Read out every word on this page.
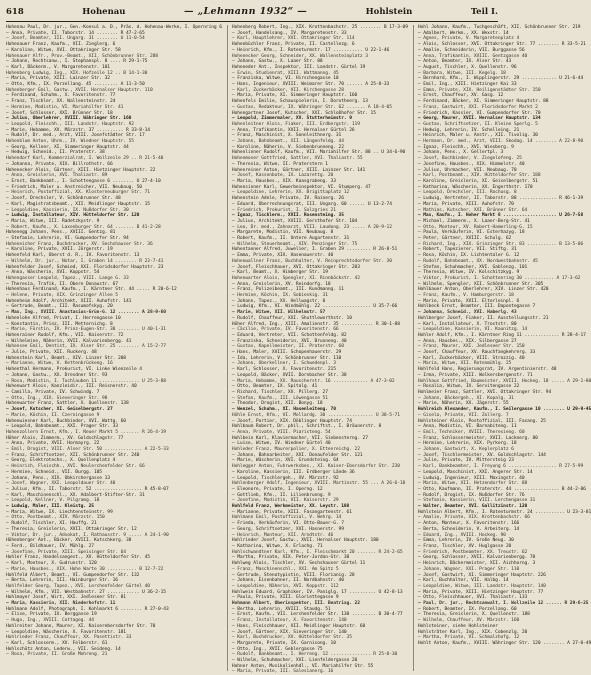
618	Hohenau	— „Lehmann 1932“ —	Hohlstein	Teil I.
Hohenau Paul, Dr. jur., Gen.-Konsul a. D., Präs. d. Hohenau-Werke, I. Opernring 6
— Anna, Private, II. Taborstr. 14 ........ R 47-2-65
— Josef, Beamter, III. Ungarg. 31 ........ U 11-0-54
Hohenauer Franz, Kaufm., VII. Zieglerg. 6
— Karoline, Witwe, XVI. Ottakringer Str. 58
Hohenauer Alfr., Prov.-Beamt., XII. Schönbrunner Str. 288
— Johann, Rechtsanw., I. Stephanspl. 8 .... R 29-1-75
— Karl, Bäckerm., V. Margaretenstr. 101
Hohenberg Ludwig, Ing., XIX. Hofzeile 12 .. B 14-1-30
— Maria, Private, XIII. Lainzer Str. 32
— Otto, Kfm., IX. Porzellang. 45 ......... A 11-3-50
Hohenberger Emil, Gastw., XVII. Hernalser Hauptstr. 110
— Ferdinand, Schuhm., X. Favoritenstr. 77
— Franz, Tischler, XX. Wallensteinstr. 24
— Hermine, Modistin, VI. Mariahilfer Str. 41
— Josef, Schlosser, XXI. Brünner Str. 18
— Julius, Oberlehrer, XVIII. Währinger Str. 160
— Leopold, Fleischh., III. Landstr. Hauptstr. 92
— Marie, Hebamme, XV. Märzstr. 37 .......... R 33-8-14
— Rudolf, Dr. med., Arzt, VIII. Josefstädter Str. 17
Hohenblum Anton, Uhrm., IV. Wiedner Hauptstr. 55
— Georg, Kellner, XI. Simmeringer Hauptstr. 44
— Hedwig, Schneid., II. Praterstr. 38
Hohendorf Karl, Kommerzialrat, I. Wollzeile 29 .. R 21-5-40
— Johanna, Private, XIX. Billrothstr. 66
Hohenecker Alois, Gärtner, XIII. Hietzinger Hauptstr. 22
— Anna, Greislerin, XVI. Thaliastr. 89
— Ernst, Bankbeamt., I. Schottengasse 6 ........ U 27-4-10
— Friedrich, Maler u. Anstreicher, VII. Neubaug. 50
— Heinrich, Postoffizial, XX. Klosterneuburger Str. 71
— Josef, Drechsler, V. Schönbrunner Str. 48
— Karl, Magistratsbeamt., XII. Meidlinger Hauptstr. 15
— Leopoldine, Kassierin, IX. Nußdorfer Str. 30
— Ludwig, Installateur, XIV. Hütteldorfer Str. 120
— Maria, Witwe, III. Radetzkystr. 9
— Robert, Kaufm., X. Laxenburger Str. 64 ....... B 41-2-28
Hohenegg Johann, Pens., XVIII. Gentzg. 81
— Stefanie, Lehrerin, VI. Gumpendorfer Str. 94
Hoheneicher Franz, Buchdrucker, XV. Sechshauser Str. 36
— Karoline, Private, XVII. Jörgerstr. 19
Hohenfeld Karl, Oberst d. R., IV. Favoritenstr. 13
— Wilhelm, Dr. jur., Notar, I. Graben 14 ........ R 22-7-41
Hohenfelder Josef, Schmied, XXI. Floridsdorfer Hauptstr. 23
— Anna, Wäscherin, XVI. Koppstr. 54
Hohengasser Leopold, Tapez., VIII. Lange G. 33
— Theresia, Trafik, II. Obere Donaustr. 67
Hohenhaus Ferdinand, Kaufm., I. Kärntner Str. 44 ..... R 20-6-12
— Helene, Private, XIX. Grinzinger Allee 5
Hohenheim Adolf, Architekt, XIII. Auhofstr. 141
— Gertrude, Beamt., III. Rasumofskyg. 20
— Max, Ing., XVIII. Anastasius-Grün-G. 12 ........ A 28-9-60
Hohenlohe Alfred, Privat, I. Herrengasse 10
— Konstantin, Prinz, III. Metternichg. 8
— Marie, Fürstin, IV. Prinz-Eugen-Str. 30 ........ U 40-1-31
Hohenrainer Rudolf, Kfm., VII. Kaiserstr. 72
— Wilhelmine, Näherin, XVII. Kalvarienbergg. 41
Hohensee Emil, Dentist, IX. Alser Str. 25 ........ A 15-2-77
— Julie, Private, XII. Ruckerg. 48
Hohenstein Karl, Beamt., XIV. Linzer Str. 208
— Marianne, Witwe, V. Kettenbrückeng. 16
Hohenthal Hermann, Prokurist, VI. Linke Wienzeile 4
— Johann, Gastw., XX. Dresdner Str. 93
— Rosa, Modistin, I. Tuchlauben 11 ............... U 25-3-88
Hohenwart Alois, Kanzleidir., III. Reisnerstr. 40
— Camilla, Private, IV. Schwindg. 7
— Otto, Ing., XIX. Sieveringer Str. 98
Hohenwarter Franz, Sattler, X. Quellenstr. 138
— Josef, Kutscher, XI. Geiselbergstr. 27
— Marie, Köchin, II. Czerningasse 9
Hohenwiesner Karl, Buchbinder, XVI. Wattg. 60
— Leopold, Bahnbeamt., XXI. Prager Str. 33
Hohenzollern Ernst, Kfm., I. Neuer Markt 5 ....... R 26-4-19
Höher Alois, Zimmerm., XV. Goldschlagstr. 77
— Anna, Private, XVII. Hormayrg. 22
— Emil, Drogist, VIII. Alser Str. 50 .............. A 22-5-33
— Franz, Schriftsetzer, XII. Schönbrunner Str. 240
— Georg, Elektrotechn., X. Quellenplatz 4
— Heinrich, Fleischh., XVI. Neulerchenfelder Str. 66
— Hermine, Schneid., VII. Burgg. 105
— Johann, Pens., XIX. Obkirchergasse 13
— Josef, Wagner, XXI. Leopoldauer Str. 40
— Julius, Kfm., II. Taborstr. 52 .................. R 45-8-07
— Karl, Maschinenschl., XX. Adalbert-Stifter-Str. 31
— Leopold, Kellner, V. Pilgramg. 18
— Ludwig, Maler, III. Kleistg. 25
— Maria, Witwe, IX. Liechtensteinstr. 99
— Otto, Postbeamt., XIV. Märzstr. 150
— Rudolf, Tischler, XI. Hauffg. 21
— Theresia, Greislerin, XVII. Ottakringer Str. 12
— Viktor, Dr. jur., Advokat, I. Rathausstr. 9 ..... A 24-1-90
Höhenberger Ant., Bäcker, XVIII. Kutschkerg. 38
— Ferd., Bildhauer, IV. Mühlg. 27
— Josefine, Private, XIII. Speisinger Str. 64
Hohler Franz, Handelsangest., XV. Hütteldorfer Str. 45
— Karl, Monteur, X. Gudrunstr. 120
— Marie, Hausbes., XIX. Hohe Warte 30 ........... B 12-7-22
Hohlfeld Albert, Beamt., VI. Gumpendorfer Str. 132
— Berta, Lehrerin, III. Hainburger Str. 16
Hohlfelder Georg, Tapez., XVI. Lerchenfelder Gürtel 40
— Wilhelm, Kfm., VII. Westbahnstr. 27 ............ U 36-2-15
Hohlmayer Josef, Wirt, XXI. Jedleseer Str. 81
— Maria, Kassierin, XII. Niederhofstr. 11
Hohlmann Adolf, Photograph, I. Kohlmarkt 6 ........ R 27-0-43
— Elise, Private, IX. Berggasse 19
— Hugo, Ing., XVIII. Cottageg. 44
Hohlreiter Johann, Maurer, XI. Kaiserebersdorfer Str. 70
— Leopoldine, Wäscherin, X. Favoritenstr. 181
Hohlrieder Franz, Chauffeur, XX. Pasettistr. 33
— Karl, Schlosserm., XV. Felberstr. 61
Hohlschütz Anton, Lederw., VII. Seideng. 14
— Rosa, Private, II. Große Mohreng. 21
Hohenberg Robert, Ing., XIX. Krottenbachstr. 25 ........ B 17-3-09
— Josef, Handelsang., IV. Margaretenstr. 33
— Karl, Hauptlehrer, XVI. Ottakringer Str. 114
Hohenbüchler Franz, Private, II. Castellezg. 6
— Heinrich, Kfm., I. Rotenturmstr. 17 ........... U 22-1-46
Hohenecker Georg, Schneider, XX. Wallensteinplatz 3
— Johann, Gastw., X. Laaer Str. 88
Hoheneder Ant., Inspektor, III. Landstr. Gürtel 19
— Erwin, Studienrat, XIII. Wattmanng. 45
— Franziska, Witwe, VI. Hirschengasse 10
— Hans, Ingenieur, XVIII. Weimarer Str. 70 ...... A 25-8-33
— Karl, Zuckerbäcker, VII. Kirchengasse 28
— Maria, Private, XI. Simmeringer Hauptstr. 160
Hohenfels Emilie, Schauspielerin, I. Dorotheerg. 13
— Gustav, Redakteur, IX. Währinger Str. 62 ....... A 18-4-05
Hohengartner Josef, Kutscher, XXI. Schloßhofer Str. 15
— Leopold, Zimmermaler, XV. Stutterheimstr. 9
Hohenleitner Alois, Fiaker, III. Erdbergstr. 119
— Anna, Trafikantin, XVII. Hernalser Gürtel 26
— Franz, Maschinist, X. Sonnleithnerg. 31
— Johann, Bahnbeamt., XII. Längenfeldg. 44
— Karoline, Näherin, V. Siebenbrunneng. 22
Hohenlinner Rudolf, Kaufm., VII. Mariahilfer Str. 88 .. U 34-6-90
Hohenmoser Gottfried, Sattler, XVI. Thaliastr. 55
— Theresia, Witwe, II. Praterstern 1
Hohenreiner Anton, Gärtner, XIII. Lainzer Str. 141
— Josef, Kassenbote, IX. Lazarettg. 20
— Maria, Hausbes., XIX. Kaasgrabeng. 33
Hohensinner Karl, Gewerbeinspektor, VI. Stumperg. 47
— Leopoldine, Lehrerin, XX. Brigittaplatz 12
Hohenstein Adele, Private, IV. Rainerg. 26
— Eduard, Oberrechnungsrat, III. Ungarg. 60 ...... U 13-2-74
— Friedrich, Prokurist, I. Salzgries 21
— Ignaz, Tischlerm., XVII. Rosensteing. 35
— Julius, Architekt, XVIII. Gersthofer Str. 104
— Leo, Dr. med., Zahnarzt, VIII. Laudong. 23 ..... A 20-9-12
— Margarete, Modistin, VII. Neubaug. 8
— Robert, Kaufm., II. Untere Augartenstr. 31
— Wilhelm, Steuerbeamt., XIV. Penzinger Str. 75
Hohentanner Alfred, Juwelier, I. Graben 29 ......... R 26-8-51
— Emma, Private, XIX. Hasenauerstr. 40
Hohenwallner Franz, Buchhalter, V. Reinprechtsdorfer Str. 30
— Josef, Fleischhauer, XVI. Ottakringer Str. 203
— Karl, Beamt., X. Himberger Str. 19
Hohenwarter Alois, Spengler, XI. Rinnböckstr. 42
— Anna, Greislerin, XV. Reindorfg. 18
— Franz, Polizeibeamt., III. Kundmanng. 11
— Hermine, Köchin, IX. Sobieskig. 31
— Johann, Tapez., XX. Hellwagstr. 8
— Ludwig, Kfm., VI. Windmühlg. 22 .................. U 35-7-66
— Marie, Witwe, XII. Wilhelmstr. 57
— Rudolf, Chauffeur, XXI. Shuttleworthstr. 10
Höher Alfred, Ing., XIII. Amalienstr. 35 ............ R 30-1-88
— Cäcilie, Private, IV. Favoritenstr. 66
— Eduard, Vertreter, VII. Schottenfeldg. 82
— Franziska, Schneiderin, XVI. Brunneng. 40
— Gustav, Kapellmeister, II. Praterstr. 60
— Hans, Maler, XVIII. Schopenhauerstr. 29
— Ida, Lehrerin, V. Schönbrunner Str. 110
— Johann, Oberkellner, I. Schwedenpl. 3
— Karl, Schlosser, X. Favoritenstr. 215
— Leopold, Bäcker, XVII. Dornbacher Str. 38
— Maria, Hebamme, XX. Rauscherstr. 16 ............. A 47-3-02
— Otto, Beamter, IX. Spitalg. 41
— Richard, Tischler, XV. Pillerg. 27
— Stefan, Kaufm., III. Löwengasse 51
— Theodor, Drogist, XII. Bonyg. 18
— Wenzel, Schuhm., XI. Hasenleiteng. 70
Höhle Ernst, Kfm., VI. Mollardg. 30 ................. U 38-5-71
— Josef, Portier, XIX. Döblinger Hauptstr. 74
Hohlbaum Robert, Dr. phil., Schriftst., I. Bräunerstr. 8
— Anna, Private, VIII. Piaristeng. 54
Hohlbein Karl, Klaviermacher, VII. Siebensterng. 27
— Luise, Witwe, IV. Wiedner Gürtel 40
Hohleder Franz, Maurerpolier, X. Ettenreichg. 22
— Johann, Bahnarbeiter, XXI. Donaufelder Str. 121
— Marie, Wäscherin, XVI. Grundsteing. 64
Hohlegger Anton, Fuhrwerksbes., XI. Kaiser-Ebersdorfer Str. 230
— Karoline, Kassierin, III. Erdberger Lände 36
— Leopold, Tischlergeh., XV. Märzstr. 92
Hohlenberger Adolf, Ingenieur, XVIII. Martinstr. 55 ... A 26-6-18
— Eleonore, Private, I. Operng. 12
— Gottlieb, Kfm., II. Lilienbrunng. 9
— Josefine, Modistin, VII. Kaiserstr. 29
Hohlfeld Franz, Werkmeister, XX. Leystr. 108
— Marianne, Private, XIII. Fasangartenstr. 61
Hohlmann Emil, Postoffizial, V. Wehrg. 14
— Frieda, Verkäuferin, VI. Otto-Bauer-G. 7
— Georg, Schriftsetzer, XVI. Hasnerstr. 99
— Heinrich, Monteur, XII. Arndtstr. 46
Hohlrieder Josef, Gastw., XVII. Hernalser Hauptstr. 180
— Katharina, Witwe, X. Erlachg. 71
Hohlschwandtner Karl, Kfm., I. Fleischmarkt 20 ....... R 24-2-65
— Martha, Private, XIX. Peter-Jordan-Str. 38
Hohlweg Alois, Tischler, XV. Sechshauser Gürtel 11
— Franz, Maschinenschl., XXI. Am Spitz 5
— Gertrude, Stenotypistin, VIII. Florianig. 28
— Johann, Eisenbahner, II. Nordbahnstr. 40
— Leopoldine, Näherin, XVI. Koppstr. 112
Hohlwein Eduard, Graphiker, IV. Paniglg. 17 .......... U 42-8-13
— Paula, Private, XIII. Gloriettegasse 9
Hohmann Albert, Oberinspektor, III. Beatrixg. 22
— Bertha, Lehrerin, XVIII. Staudg. 51
— Ernst, Kaufm., VII. Lerchenfelder Str. 130 ......... B 30-4-77
— Franz, Installateur, X. Favoritenstr. 140
— Hans, Fleischhauer, XII. Meidlinger Hauptstr. 60
— Josef, Gärtner, XIX. Sieveringer Str. 140
— Karl, Buchdrucker, XV. Hütteldorfer Str. 35
— Margarete, Private, IX. Garnisong. 10
— Otto, Ing., XVII. Geblergasse 75
— Rudolf, Bankbeamt., I. Herreng. 12 ............... R 25-0-30
— Wilhelm, Schuhmacher, XVI. Lienfeldergasse 20
Hohner Anton, Musikalienhdl., VI. Mariahilfer Str. 55
— Maria, Private, III. Salesianerg. 16
Hohl Johann, Kaufm., Tuchgeschäft, XII. Schönbrunner Str. 219
— Adalbert, Werkm., XX. Wexstr. 14
— Agnes, Private, V. Margaretenplatz 4
— Alois, Schlosser, XVI. Ottakringer Str. 77 ........ R 33-5-21
— Amalie, Schneiderin, VII. Burggasse 56
— Anna, Trafikantin, XVIII. Gentzgasse 40
— Anton, Beamter, IX. Alser Str. 43
— August, Tischler, X. Quellenstr. 96
— Barbara, Witwe, III. Kegelg. 18
— Bernhard, Kfm., I. Wipplingerstr. 29 ............. U 21-6-44
— Emil, Ing., XIII. Hietzinger Kai 33
— Emma, Private, XIX. Heiligenstädter Str. 150
— Ernst, Chauffeur, XV. Gasg. 12
— Ferdinand, Bäcker, XI. Simmeringer Hauptstr. 88
— Franz, Gastwirt, XXI. Floridsdorfer Markt 2
— Friedrich, Kassier, VI. Gumpendorfer Str. 70
— Georg, Maurer, XVII. Hernalser Hauptstr. 134
— Gustav, Schriftsetzer, II. Kleine Sperlg. 5
— Hedwig, Lehrerin, IV. Schelleing. 21
— Heinrich, Maler u. Anstr., XII. Tivolig. 30
— Hermann, Dr. med., Arzt, VIII. Skodag. 14 ........ A 22-8-90
— Ignaz, Fleischh., XVI. Wiesberg. 9
— Johann, Pens., X. Gellertpl. 3
— Josef, Buchbinder, V. Ziegelofeng. 25
— Josefine, Hausbes., XIX. Himmelstr. 40
— Julius, Uhrmacher, VII. Neubaug. 70
— Karl, Postbeamt., XIV. Hütteldorfer Str. 188
— Karoline, Greislerin, XI. Geiselbergstr. 51
— Katharina, Wäscherin, XX. Engerthstr. 170
— Leopold, Drechsler, III. Rochusg. 8
— Ludwig, Vertreter, II. Taborstr. 88 .............. R 46-1-39
— Maria, Private, XIII. Auhofstr. 70
— Mathias, Kutscher, XXI. Brünner Str. 64
— Max, Kaufm., I. Hoher Markt 8 .................... U 26-7-58
— Michael, Zimmerm., X. Laaer-Berg-Str. 41
— Otto, Monteur, XV. Robert-Hamerling-G. 15
— Paula, Verkäuferin, VI. Esterhazyg. 18
— Peter, Gärtner, XVIII. Schulg. 62
— Richard, Ing., XIX. Grinzinger Str. 83 ........... B 13-5-06
— Robert, Tapezierer, VII. Stiftg. 31
— Rosa, Köchin, IX. Lichtentaler G. 12
— Rudolf, Bahnbeamt., XX. Nordwestbahnstr. 45
— Stefan, Schuhmacher, XVI. Gablenzg. 101
— Theresia, Witwe, IV. Kolschitzkyg. 9
— Viktor, Prokurist, I. Schottenring 30 ........... A 17-3-62
— Wilhelm, Spengler, XII. Schönbrunner Str. 305
Hohlbauer Anton, Oberlehrer, XIV. Linzer Str. 420
— Franz, Kaufm., V. Hamburgerstr. 18
— Marie, Private, XVII. Elterleinpl. 6
Hohlbeck Ernst, Beamter, III. Dapontegasse 7
— Johanna, Schneid., XVI. Haberlg. 43
Hohlberger Josef, Fiaker, II. Ausstellungsstr. 21
— Karl, Installateur, X. Troststr. 80
— Leopoldine, Kassierin, VI. Kaunitzg. 14
Hohler Adolf, Kfm., I. Kärntner Ring 11 ............. R 28-4-17
— Anna, Hausbes., XIX. Silbergasse 27
— Franz, Maurer, XXI. Jedleseer Str. 150
— Josef, Chauffeur, XV. Rauchfangkehrerg. 33
— Karl, Zuckerbäcker, VIII. Strozzig. 40
— Maria, Witwe, XII. Rotenmühlg. 25
Hohlfeld Hans, Regierungsrat, IV. Argentinierstr. 48
— Irma, Private, XIII. Wolkersbergenstr. 71
Hohlhaus Gottfried, Baumeister, XVIII. Hockeg. 18 ..... A 29-1-80
— Rosalia, Witwe, IX. Servitengasse 22
Hohlmeier Franz, Sattler, XVI. Ottakringer Str. 94
— Johann, Bäckergeh., XI. Kopalg. 31
— Marie, Näherin, XX. Jägerstr. 55
Hohlreich Alexander, Kaufm., I. Seilergasse 10 ........ U 29-9-45
— Gisela, Private, VII. Zollerg. 7
Hohlsteiner Alois, Postoffizial, III. Fasang. 25
— Anna, Modistin, VI. Barnabiteng. 11
— Emil, Techniker, XVIII. Theresieng. 60
— Franz, Schlossermeister, XVII. Lacknerg. 80
— Hermine, Lehrerin, XIX. Pyrkerg. 18
— Johann, Gastwirt, X. Keplerplatz 6
— Josef, Tischlermeister, XV. Goldschlagstr. 144
— Julie, Private, IV. Mittersteig 23
— Karl, Bankbeamter, I. Freyung 6 .................. R 27-5-99
— Leopold, Maschinist, XXI. Angerer Str. 14
— Ludwig, Ingenieur, XIII. Maxingstr. 40
— Maria, Witwe, XII. Hetzendorfer Str. 88
— Otto, Kaufmann, II. Praterstr. 44 ................. B 44-2-06
— Rudolf, Drogist, IX. Nußdorfer Str. 76
— Stefanie, Kassierin, VIII. Lerchengasse 31
— Walter, Beamter, XVI. Gallitzinstr. 120
Hohlstein Albert, Kfm., I. Rotenturmstr. 24 ........... U 23-3-81
— Amalie, Private, XIX. Krottenbachstr. 66
— Anton, Monteur, X. Favoritenstr. 166
— Berta, Schneiderin, V. Arbeiterg. 14
— Eduard, Ing., XVIII. Hockeg. 90
— Emma, Lehrerin, IV. Große Neug. 30
— Franz, Tischler, XV. Huglgasse 20
— Friedrich, Postbeamter, XX. Treustr. 62
— Georg, Schlosser, XVII. Kalvarienbergg. 70
— Heinrich, Bäckermeister, XII. Aichhorng. 3
— Johann, Wagner, XXI. Prager Str. 110
— Josef, Gastwirt, XI. Simmeringer Hauptstr. 226
— Karl, Buchhalter, VII. Halbg. 14
— Leopoldine, Witwe, III. Landstr. Hauptstr. 140
— Maria, Private, XIII. Hietzinger Hauptstr. 77
— Otto, Fleischhauer, XVI. Thaliastr. 133
— Paul, Dr. jur., Rechtsanwalt, I. Wollzeile 12 ...... R 29-6-25
— Robert, Beamter, IX. Porzellang. 60
— Theresia, Greislerin, X. Quellenstr. 188
— Wilhelm, Chauffeur, XV. Märzstr. 160
Hohlsteiner, siehe Hohlsteiner
Hohlsträter Karl, Ing., XIX. Cobenzlg. 20
— Martha, Private, VI. Schmalzhofg. 12
Hohlt Anton, Kaufm., XVIII. Währinger Str. 120 ........ A 27-0-49
